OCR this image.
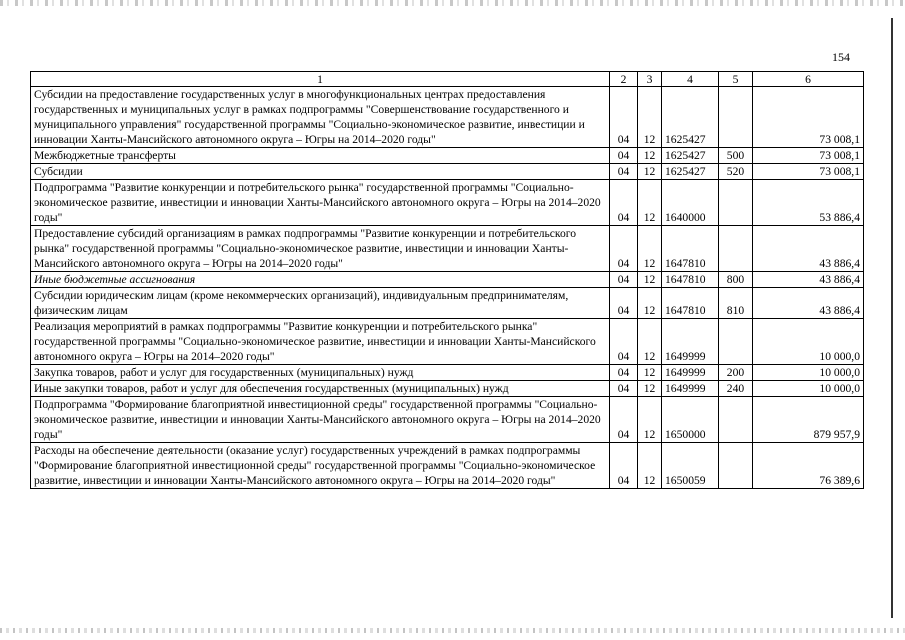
154
1	2	3	4	5	6
Субсидии на предоставление государственных услуг в многофункциональных центрах предоставления государственных и муниципальных услуг в рамках подпрограммы "Совершенствование государственного и муниципального управления" государственной программы "Социально-экономическое развитие, инвестиции и инновации Ханты-Мансийского автономного округа – Югры на 2014–2020 годы"	04	12	1625427		73 008,1
Межбюджетные трансферты	04	12	1625427	500	73 008,1
Субсидии	04	12	1625427	520	73 008,1
Подпрограмма "Развитие конкуренции и потребительского рынка" государственной программы "Социально-экономическое развитие, инвестиции и инновации Ханты-Мансийского автономного округа – Югры на 2014–2020 годы"	04	12	1640000		53 886,4
Предоставление субсидий организациям в рамках подпрограммы "Развитие конкуренции и потребительского рынка" государственной программы "Социально-экономическое развитие, инвестиции и инновации Ханты-Мансийского автономного округа – Югры на 2014–2020 годы"	04	12	1647810		43 886,4
Иные бюджетные ассигнования	04	12	1647810	800	43 886,4
Субсидии юридическим лицам (кроме некоммерческих организаций), индивидуальным предпринимателям, физическим лицам	04	12	1647810	810	43 886,4
Реализация мероприятий в рамках подпрограммы "Развитие конкуренции и потребительского рынка" государственной программы "Социально-экономическое развитие, инвестиции и инновации Ханты-Мансийского автономного округа – Югры на 2014–2020 годы"	04	12	1649999		10 000,0
Закупка товаров, работ и услуг для государственных (муниципальных) нужд	04	12	1649999	200	10 000,0
Иные закупки товаров, работ и услуг для обеспечения государственных (муниципальных) нужд	04	12	1649999	240	10 000,0
Подпрограмма "Формирование благоприятной инвестиционной среды" государственной программы "Социально-экономическое развитие, инвестиции и инновации Ханты-Мансийского автономного округа – Югры на 2014–2020 годы"	04	12	1650000		879 957,9
Расходы на обеспечение деятельности (оказание услуг) государственных учреждений в рамках подпрограммы "Формирование благоприятной инвестиционной среды" государственной программы "Социально-экономическое развитие, инвестиции и инновации Ханты-Мансийского автономного округа – Югры на 2014–2020 годы"	04	12	1650059		76 389,6
